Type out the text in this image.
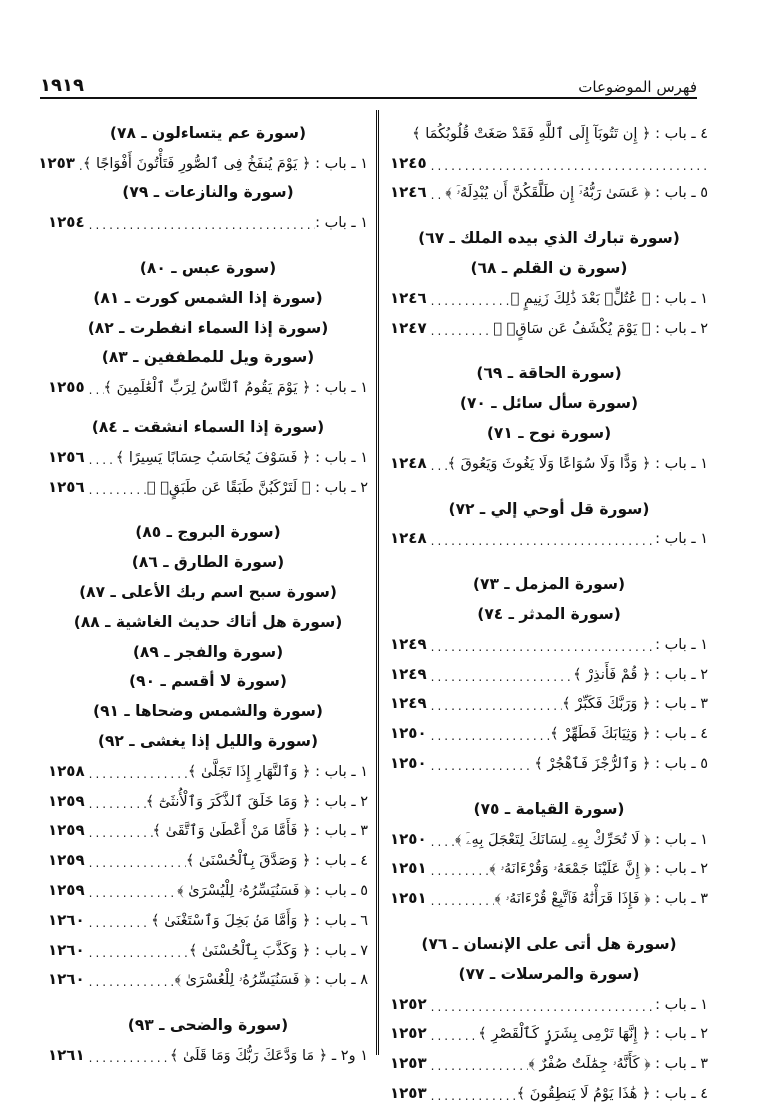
فهرس الموضوعات
١٩١٩
٤ ـ باب : ﴿ إِن تَتُوبَآ إِلَى ٱللَّهِ فَقَدْ صَغَتْ قُلُوبُكُمَا ﴾
.....
١٢٤٥
٥ ـ باب : ﴿ عَسَىٰ رَبُّهُۥٓ إِن طَلَّقَكُنَّ أَن يُبْدِلَهُۥٓ ﴾
.....
١٢٤٦
(سورة تبارك الذي بيده الملك ـ ٦٧)
(سورة ن القلم ـ ٦٨)
١ ـ باب : ﴿ عُتُلٍّۭ بَعْدَ ذَٰلِكَ زَنِيمٍ ﴾
.....
١٢٤٦
٢ ـ باب : ﴿ يَوْمَ يُكْشَفُ عَن سَاقٍۢ ﴾
.....
١٢٤٧
(سورة الحاقة ـ ٦٩)
(سورة سأل سائل ـ ٧٠)
(سورة نوح ـ ٧١)
١ ـ باب : ﴿ وَدًّا وَلَا سُوَاعًا وَلَا يَغُوثَ وَيَعُوقَ ﴾
.....
١٢٤٨
(سورة قل أوحي إلي ـ ٧٢)
١ ـ باب :
.....
١٢٤٨
(سورة المزمل ـ ٧٣)
(سورة المدثر ـ ٧٤)
١ ـ باب :
.....
١٢٤٩
٢ ـ باب : ﴿ قُمْ فَأَنذِرْ ﴾
.....
١٢٤٩
٣ ـ باب : ﴿ وَرَبَّكَ فَكَبِّرْ ﴾
.....
١٢٤٩
٤ ـ باب : ﴿ وَثِيَابَكَ فَطَهِّرْ ﴾
.....
١٢٥٠
٥ ـ باب : ﴿ وَٱلرُّجْزَ فَٱهْجُرْ ﴾
.....
١٢٥٠
(سورة القيامة ـ ٧٥)
١ ـ باب : ﴿ لَا تُحَرِّكْ بِهِۦ لِسَانَكَ لِتَعْجَلَ بِهِۦٓ ﴾
.....
١٢٥٠
٢ ـ باب : ﴿ إِنَّ عَلَيْنَا جَمْعَهُۥ وَقُرْءَانَهُۥ ﴾
.....
١٢٥١
٣ ـ باب : ﴿ فَإِذَا قَرَأْنَٰهُ فَٱتَّبِعْ قُرْءَانَهُۥ ﴾
.....
١٢٥١
(سورة هل أتى على الإنسان ـ ٧٦)
(سورة والمرسلات ـ ٧٧)
١ ـ باب :
.....
١٢٥٢
٢ ـ باب : ﴿ إِنَّهَا تَرْمِى بِشَرَرٍۢ كَٱلْقَصْرِ ﴾
.....
١٢٥٢
٣ ـ باب : ﴿ كَأَنَّهُۥ جِمَٰلَتٌ صُفْرٌ ﴾
.....
١٢٥٣
٤ ـ باب : ﴿ هَٰذَا يَوْمُ لَا يَنطِقُونَ ﴾
.....
١٢٥٣
(سورة عم يتساءلون ـ ٧٨)
١ ـ باب : ﴿ يَوْمَ يُنفَخُ فِى ٱلصُّورِ فَتَأْتُونَ أَفْوَاجًا ﴾
.....
١٢٥٣
(سورة والنازعات ـ ٧٩)
١ ـ باب :
.....
١٢٥٤
(سورة عبس ـ ٨٠)
(سورة إذا الشمس كورت ـ ٨١)
(سورة إذا السماء انفطرت ـ ٨٢)
(سورة ويل للمطففين ـ ٨٣)
١ ـ باب : ﴿ يَوْمَ يَقُومُ ٱلنَّاسُ لِرَبِّ ٱلْعَٰلَمِينَ ﴾
.....
١٢٥٥
(سورة إذا السماء انشقت ـ ٨٤)
١ ـ باب : ﴿ فَسَوْفَ يُحَاسَبُ حِسَابًا يَسِيرًا ﴾
.....
١٢٥٦
٢ ـ باب : ﴿ لَتَرْكَبُنَّ طَبَقًا عَن طَبَقٍۢ ﴾
.....
١٢٥٦
(سورة البروج ـ ٨٥)
(سورة الطارق ـ ٨٦)
(سورة سبح اسم ربك الأعلى ـ ٨٧)
(سورة هل أتاك حديث الغاشية ـ ٨٨)
(سورة والفجر ـ ٨٩)
(سورة لا أقسم ـ ٩٠)
(سورة والشمس وضحاها ـ ٩١)
(سورة والليل إذا يغشى ـ ٩٢)
١ ـ باب : ﴿ وَٱلنَّهَارِ إِذَا تَجَلَّىٰ ﴾
.....
١٢٥٨
٢ ـ باب : ﴿ وَمَا خَلَقَ ٱلذَّكَرَ وَٱلْأُنثَىٰٓ ﴾
.....
١٢٥٩
٣ ـ باب : ﴿ فَأَمَّا مَنْ أَعْطَىٰ وَٱتَّقَىٰ ﴾
.....
١٢٥٩
٤ ـ باب : ﴿ وَصَدَّقَ بِٱلْحُسْنَىٰ ﴾
.....
١٢٥٩
٥ ـ باب : ﴿ فَسَنُيَسِّرُهُۥ لِلْيُسْرَىٰ ﴾
.....
١٢٥٩
٦ ـ باب : ﴿ وَأَمَّا مَنۢ بَخِلَ وَٱسْتَغْنَىٰ ﴾
.....
١٢٦٠
٧ ـ باب : ﴿ وَكَذَّبَ بِٱلْحُسْنَىٰ ﴾
.....
١٢٦٠
٨ ـ باب : ﴿ فَسَنُيَسِّرُهُۥ لِلْعُسْرَىٰ ﴾
.....
١٢٦٠
(سورة والضحى ـ ٩٣)
١ و٢ ـ ﴿ مَا وَدَّعَكَ رَبُّكَ وَمَا قَلَىٰ ﴾
.....
١٢٦١
